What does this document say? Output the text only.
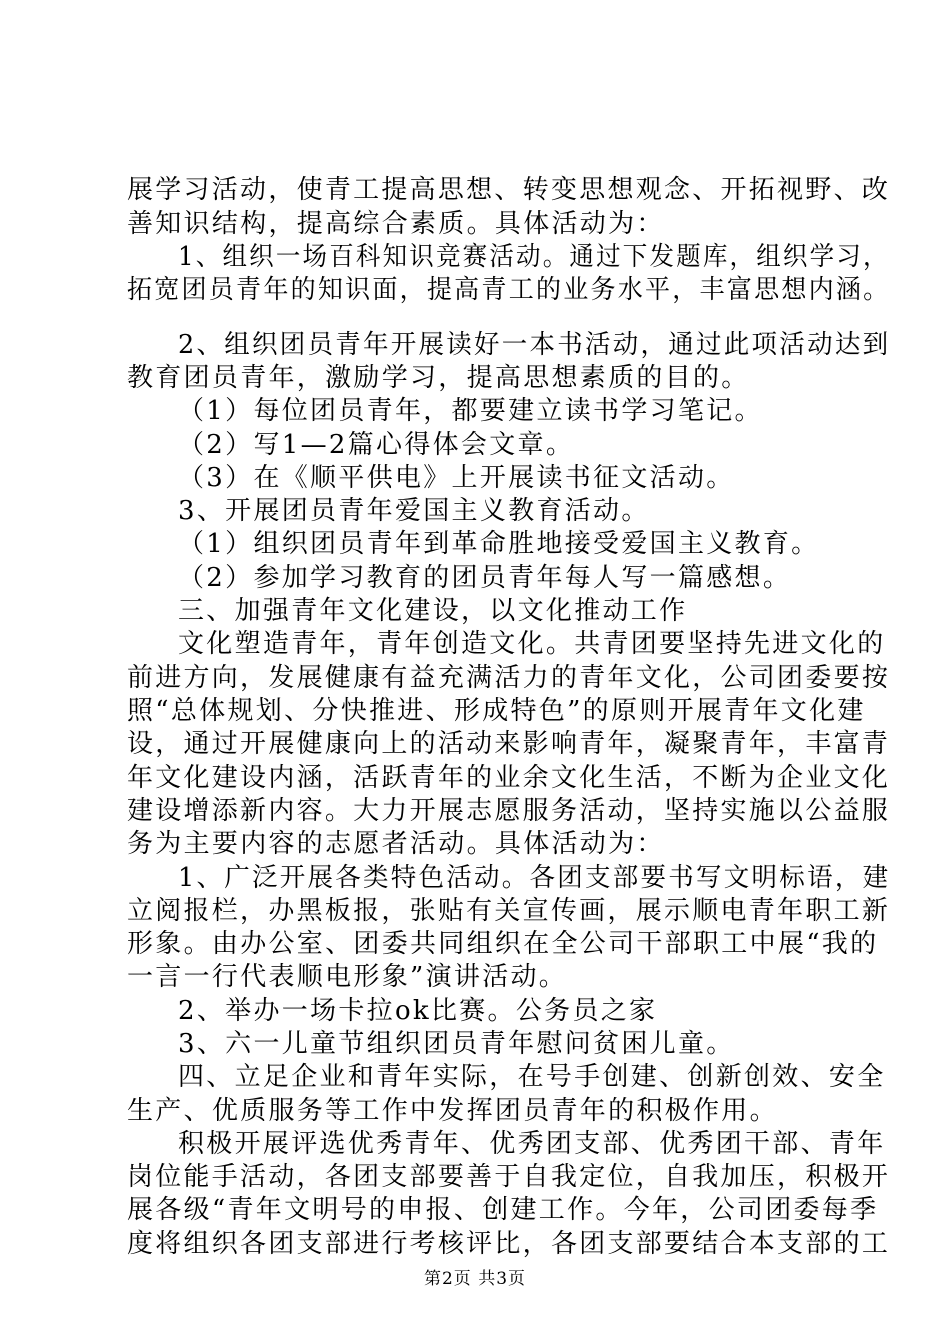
展学习活动，使青工提高思想、转变思想观念、开拓视野、改
善知识结构，提高综合素质。具体活动为：
1、组织一场百科知识竞赛活动。通过下发题库，组织学习，
拓宽团员青年的知识面，提高青工的业务水平，丰富思想内涵。
2、组织团员青年开展读好一本书活动，通过此项活动达到
教育团员青年，激励学习，提高思想素质的目的。
（1）每位团员青年，都要建立读书学习笔记。
（2）写1—2篇心得体会文章。
（3）在《顺平供电》上开展读书征文活动。
3、开展团员青年爱国主义教育活动。
（1）组织团员青年到革命胜地接受爱国主义教育。
（2）参加学习教育的团员青年每人写一篇感想。
三、加强青年文化建设，以文化推动工作
文化塑造青年，青年创造文化。共青团要坚持先进文化的
前进方向，发展健康有益充满活力的青年文化，公司团委要按
照“总体规划、分快推进、形成特色”的原则开展青年文化建
设，通过开展健康向上的活动来影响青年，凝聚青年，丰富青
年文化建设内涵，活跃青年的业余文化生活，不断为企业文化
建设增添新内容。大力开展志愿服务活动，坚持实施以公益服
务为主要内容的志愿者活动。具体活动为：
1、广泛开展各类特色活动。各团支部要书写文明标语，建
立阅报栏，办黑板报，张贴有关宣传画，展示顺电青年职工新
形象。由办公室、团委共同组织在全公司干部职工中展“我的
一言一行代表顺电形象”演讲活动。
2、举办一场卡拉ok比赛。公务员之家
3、六一儿童节组织团员青年慰问贫困儿童。
四、立足企业和青年实际，在号手创建、创新创效、安全
生产、优质服务等工作中发挥团员青年的积极作用。
积极开展评选优秀青年、优秀团支部、优秀团干部、青年
岗位能手活动，各团支部要善于自我定位，自我加压，积极开
展各级“青年文明号的申报、创建工作。今年，公司团委每季
度将组织各团支部进行考核评比，各团支部要结合本支部的工
第2页 共3页
